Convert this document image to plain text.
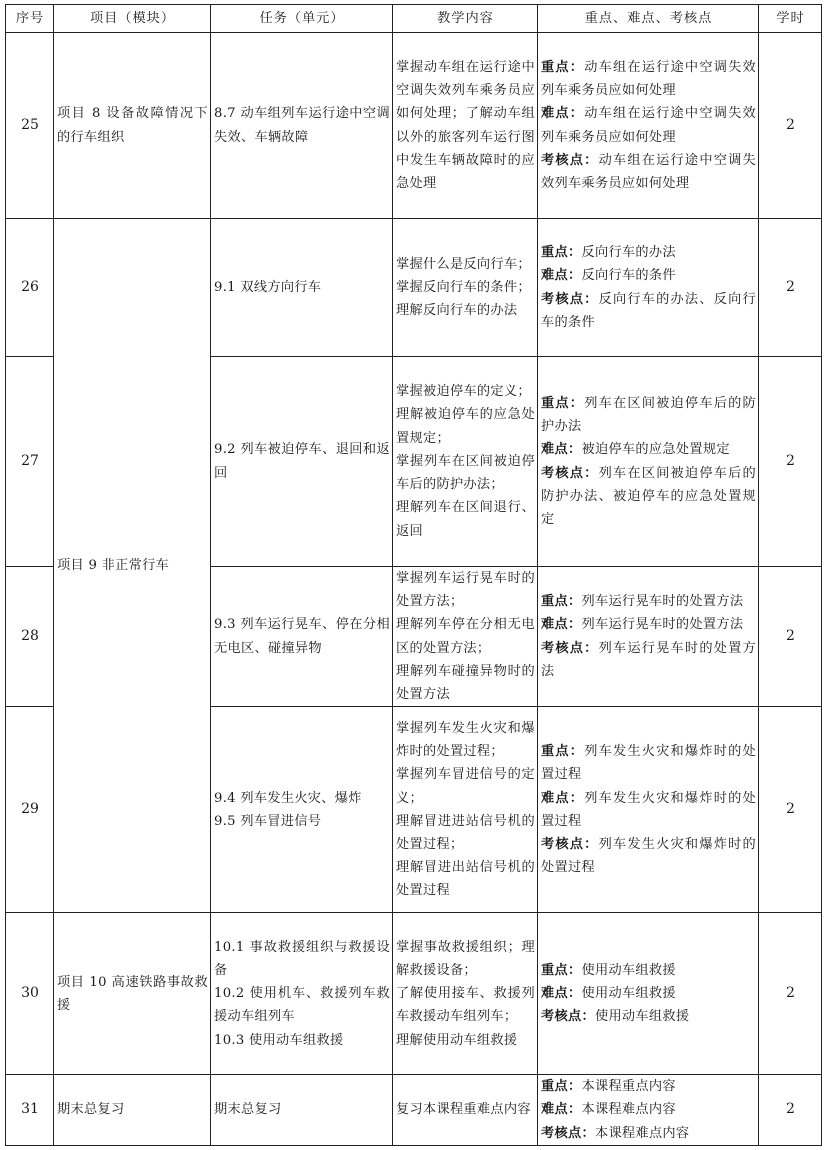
序号	项目（模块）	任务（单元）	教学内容	重点、难点、考核点	学时
25	项目 8 设备故障情况下的行车组织	8.7 动车组列车运行途中空调失效、车辆故障	掌握动车组在运行途中空调失效列车乘务员应如何处理；了解动车组以外的旅客列车运行图中发生车辆故障时的应急处理	重点：动车组在运行途中空调失效列车乘务员应如何处理
难点：动车组在运行途中空调失效列车乘务员应如何处理
考核点：动车组在运行途中空调失效列车乘务员应如何处理	2
26	项目 9 非正常行车	9.1 双线方向行车	掌握什么是反向行车；
掌握反向行车的条件；
理解反向行车的办法	重点：反向行车的办法
难点：反向行车的条件
考核点：反向行车的办法、反向行车的条件	2
27		9.2 列车被迫停车、退回和返回	掌握被迫停车的定义；
理解被迫停车的应急处置规定；
掌握列车在区间被迫停车后的防护办法；
理解列车在区间退行、返回	重点：列车在区间被迫停车后的防护办法
难点：被迫停车的应急处置规定
考核点：列车在区间被迫停车后的防护办法、被迫停车的应急处置规定	2
28		9.3 列车运行晃车、停在分相无电区、碰撞异物	掌握列车运行晃车时的处置方法；
理解列车停在分相无电区的处置方法；
理解列车碰撞异物时的处置方法	重点：列车运行晃车时的处置方法
难点：列车运行晃车时的处置方法
考核点：列车运行晃车时的处置方法	2
29		9.4 列车发生火灾、爆炸
9.5 列车冒进信号	掌握列车发生火灾和爆炸时的处置过程；
掌握列车冒进信号的定义；
理解冒进进站信号机的处置过程；
理解冒进出站信号机的处置过程	重点：列车发生火灾和爆炸时的处置过程
难点：列车发生火灾和爆炸时的处置过程
考核点：列车发生火灾和爆炸时的处置过程	2
30	项目 10 高速铁路事故救援	10.1 事故救援组织与救援设备
10.2 使用机车、救援列车救援动车组列车
10.3 使用动车组救援	掌握事故救援组织；理解救援设备；
了解使用接车、救援列车救援动车组列车；
理解使用动车组救援	重点：使用动车组救援
难点：使用动车组救援
考核点：使用动车组救援	2
31	期末总复习	期末总复习	复习本课程重难点内容	重点：本课程重点内容
难点：本课程难点内容
考核点：本课程难点内容	2
